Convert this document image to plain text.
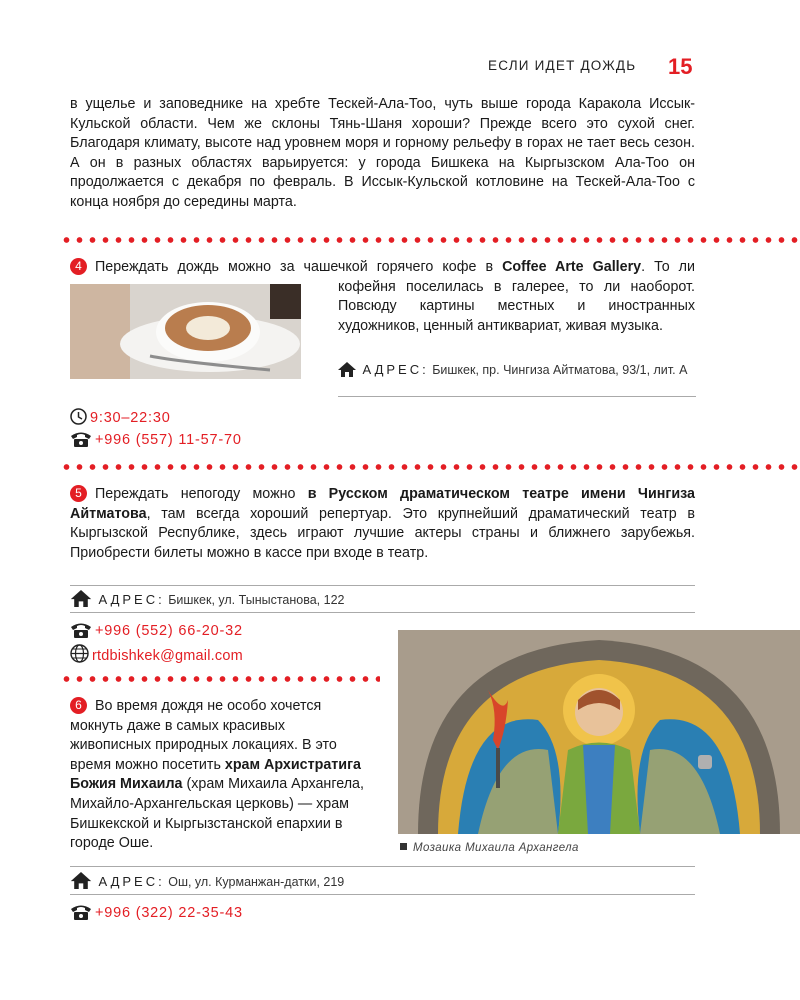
ЕСЛИ ИДЕТ ДОЖДЬ 15
в ущелье и заповеднике на хребте Тескей-Ала-Тоо, чуть выше города Каракола Иссык-Кульской области. Чем же склоны Тянь-Шаня хороши? Прежде всего это сухой снег. Благодаря климату, высоте над уровнем моря и горному рельефу в горах не тает весь сезон. А он в разных областях варьируется: у города Бишкека на Кыргызском Ала-Тоо он продолжается с декабря по февраль. В Иссык-Кульской котловине на Тескей-Ала-Тоо с конца ноября до середины марта.
4 Переждать дождь можно за чашечкой горячего кофе в Coffee Arte Gallery. То ли кофейня поселилась в галерее, то ли наоборот. Повсюду картины местных и иностранных художников, ценный антиквариат, живая музыка.
АДРЕС: Бишкек, пр. Чингиза Айтматова, 93/1, лит. А
9:30–22:30
+996 (557) 11-57-70
5 Переждать непогоду можно в Русском драматическом театре имени Чингиза Айтматова, там всегда хороший репертуар. Это крупнейший драматический театр в Кыргызской Республике, здесь играют лучшие актеры страны и ближнего зарубежья. Приобрести билеты можно в кассе при входе в театр.
АДРЕС: Бишкек, ул. Тыныстанова, 122
+996 (552) 66-20-32
rtdbishkek@gmail.com
6 Во время дождя не особо хочется мокнуть даже в самых красивых живописных природных локациях. В это время можно посетить храм Архистратига Божия Михаила (храм Михаила Архангела, Михайло-Архангельская церковь) — храм Бишкекской и Кыргызстанской епархии в городе Оше.	Мозаика Михаила Архангела
АДРЕС: Ош, ул. Курманжан-датки, 219
+996 (322) 22-35-43
